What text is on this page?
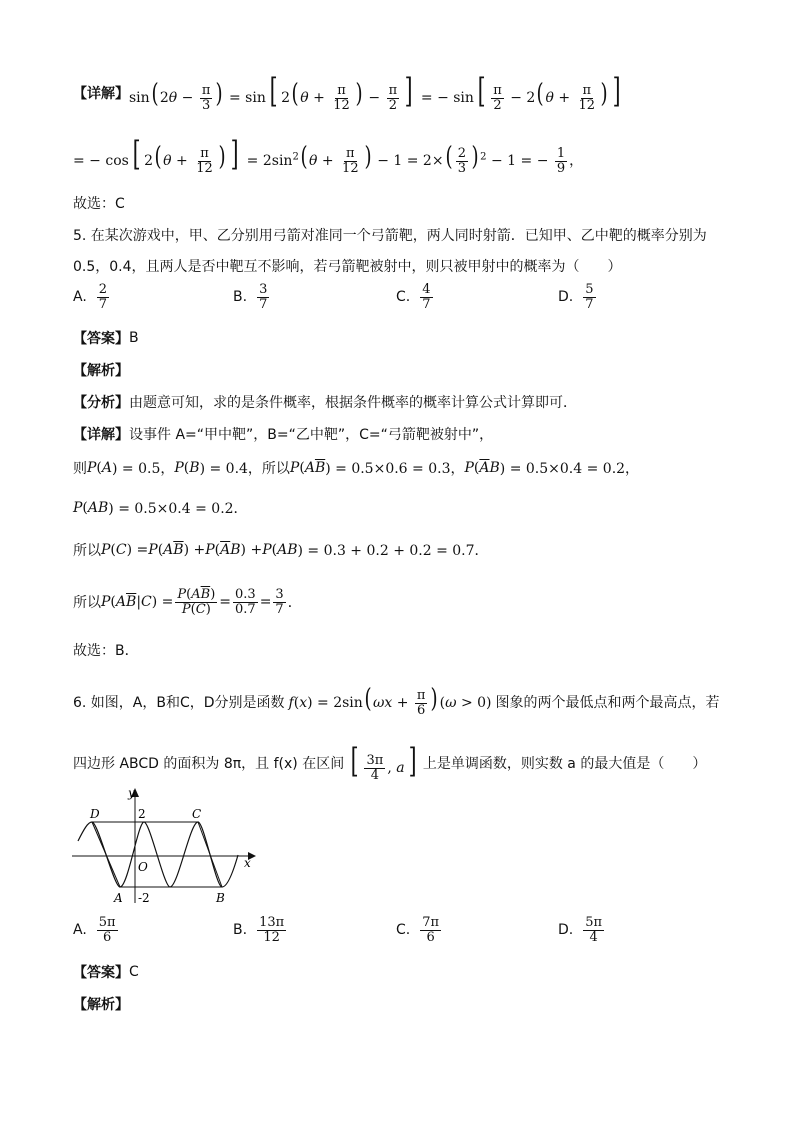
【详解】 sin( $2\theta - \frac{\pi}{3}$ ) = sin [ 2( $\theta + \frac{\pi}{12}$ ) − $\frac{\pi}{2}$ ] = − sin [ $\frac{\pi}{2} - 2$( $\theta + \frac{\pi}{12}$ ) ]
= − cos [ 2( $\theta + \frac{\pi}{12}$ ) ] = $2\sin^2$( $\theta + \frac{\pi}{12}$ ) − $1 = 2\times( \frac{2}{3}$ ) $^2$ − 1 = − $\frac{1}{9}$ ，
故选：C
5. 在某次游戏中，甲、乙分别用弓箭对准同一个弓箭靶，两人同时射箭．已知甲、乙中靶的概率分别为
0.5，0.4，且两人是否中靶互不影响，若弓箭靶被射中，则只被甲射中的概率为（　　）
A. $\frac{2}{7}$	B. $\frac{3}{7}$	C. $\frac{4}{7}$	D. $\frac{5}{7}$
【答案】 B
【解析】
【分析】 由题意可知，求的是条件概率，根据条件概率的概率计算公式计算即可．
【详解】 设事件 A=“甲中靶”，B=“乙中靶”，C=“弓箭靶被射中”，
则 P ( A ) = 0.5， P ( B ) = 0.4， 所以 P ( A $\overline{B}$ ) = 0.5×0.6 = 0.3， P ( $\overline{A}$ B ) = 0.5×0.4 = 0.2，
P ( AB ) = 0.5×0.4 = 0.2．
所以 P ( C ) = P ( A $\overline{B}$ ) + P ( $\overline{A}$ B ) + P ( AB ) = 0.3 + 0.2 + 0.2 = 0.7．
所以 P ( A $\overline{B}$ | C ) = $\frac{P(A\overline{B})}{P(C)} = \frac{0.3}{0.7} = \frac{3}{7}$ ．
故选：B．
6. 如图，A，B和C，D分别是函数 f(x) = 2sin( $\omega x + \frac{\pi}{6}$ ) (ω > 0) 图象的两个最低点和两个最高点，若
四边形 ABCD 的面积为 8π，且 f(x) 在区间 [ $\frac{3\pi}{4}$ , a ] 上是单调函数，则实数 a 的最大值是（　　）
y
x
2
-2
O
D	C
A	B
A. $\frac{5\pi}{6}$	B. $\frac{13\pi}{12}$	C. $\frac{7\pi}{6}$	D. $\frac{5\pi}{4}$
【答案】 C
【解析】
